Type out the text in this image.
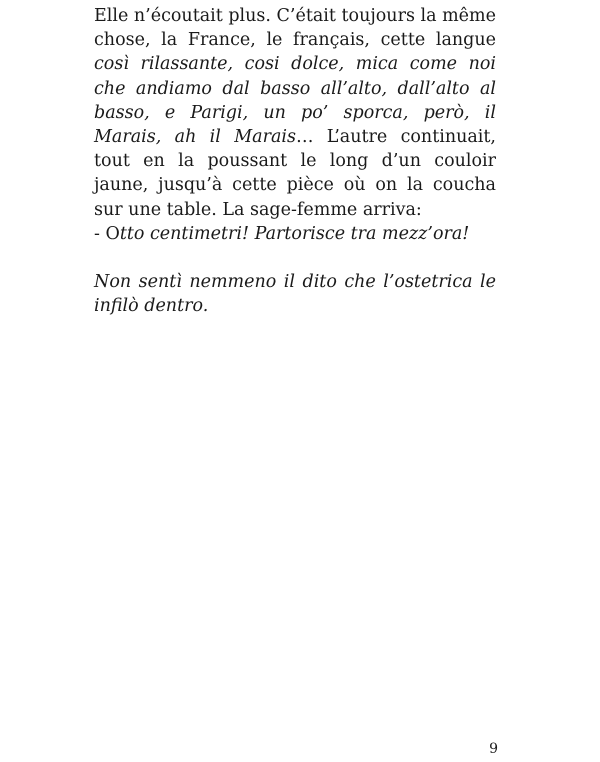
Elle n’écoutait plus. C’était toujours la même chose, la France, le français, cette langue così rilassante, cosi dolce, mica come noi che andiamo dal basso all’alto, dall’alto al basso, e Parigi, un po’ sporca, però, il Marais, ah il Marais… L’autre continuait, tout en la poussant le long d’un couloir jaune, jusqu’à cette pièce où on la coucha sur une table. La sage-femme arriva:

- Otto centimetri! Partorisce tra mezz’ora!

Non sentì nemmeno il dito che l’ostetrica le infilò dentro.

9
